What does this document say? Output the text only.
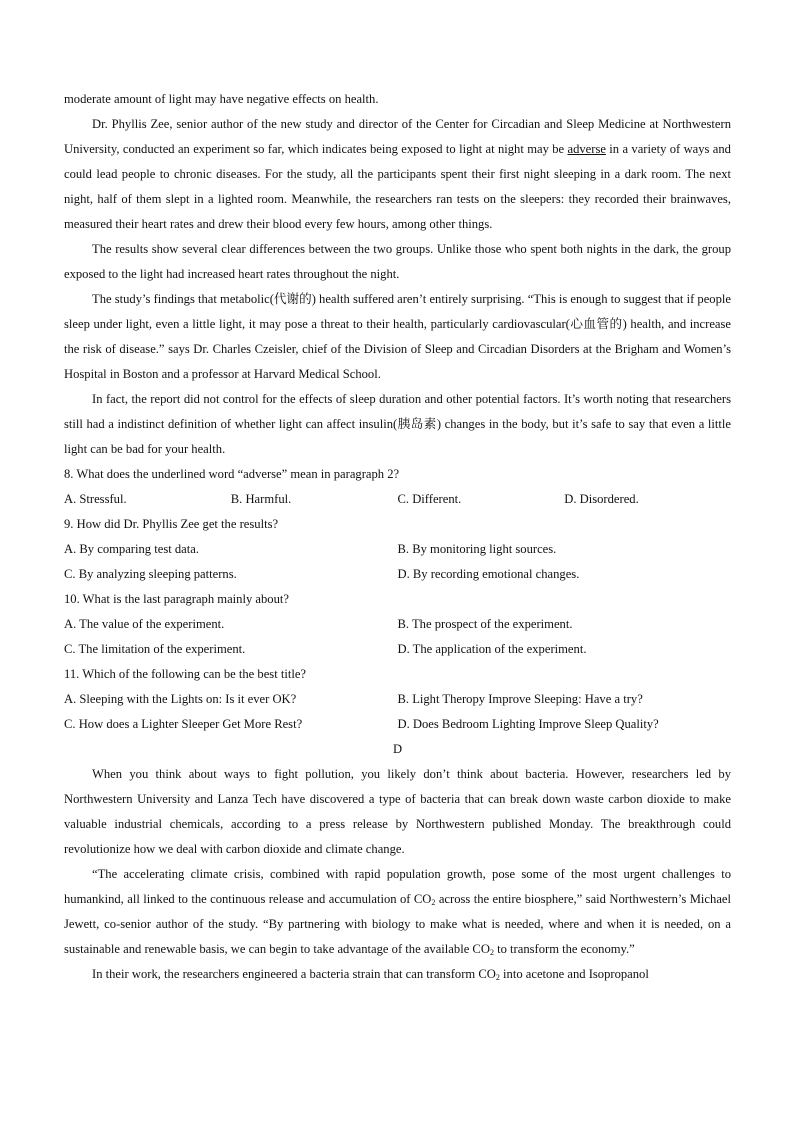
moderate amount of light may have negative effects on health.

Dr. Phyllis Zee, senior author of the new study and director of the Center for Circadian and Sleep Medicine at Northwestern University, conducted an experiment so far, which indicates being exposed to light at night may be adverse in a variety of ways and could lead people to chronic diseases. For the study, all the participants spent their first night sleeping in a dark room. The next night, half of them slept in a lighted room. Meanwhile, the researchers ran tests on the sleepers: they recorded their brainwaves, measured their heart rates and drew their blood every few hours, among other things.

The results show several clear differences between the two groups. Unlike those who spent both nights in the dark, the group exposed to the light had increased heart rates throughout the night.

The study’s findings that metabolic(代谢的) health suffered aren’t entirely surprising. “This is enough to suggest that if people sleep under light, even a little light, it may pose a threat to their health, particularly cardiovascular(心血管的) health, and increase the risk of disease.” says Dr. Charles Czeisler, chief of the Division of Sleep and Circadian Disorders at the Brigham and Women’s Hospital in Boston and a professor at Harvard Medical School.

In fact, the report did not control for the effects of sleep duration and other potential factors. It’s worth noting that researchers still had a indistinct definition of whether light can affect insulin(胰岛素) changes in the body, but it’s safe to say that even a little light can be bad for your health.

8. What does the underlined word “adverse” mean in paragraph 2?

A. Stressful.	B. Harmful.	C. Different.	D. Disordered.

9. How did Dr. Phyllis Zee get the results?

A. By comparing test data.	B. By monitoring light sources.
C. By analyzing sleeping patterns.	D. By recording emotional changes.

10. What is the last paragraph mainly about?

A. The value of the experiment.	B. The prospect of the experiment.
C. The limitation of the experiment.	D. The application of the experiment.

11. Which of the following can be the best title?

A. Sleeping with the Lights on: Is it ever OK?	B. Light Theropy Improve Sleeping: Have a try?
C. How does a Lighter Sleeper Get More Rest?	D. Does Bedroom Lighting Improve Sleep Quality?

D

When you think about ways to fight pollution, you likely don’t think about bacteria. However, researchers led by Northwestern University and Lanza Tech have discovered a type of bacteria that can break down waste carbon dioxide to make valuable industrial chemicals, according to a press release by Northwestern published Monday. The breakthrough could revolutionize how we deal with carbon dioxide and climate change.

“The accelerating climate crisis, combined with rapid population growth, pose some of the most urgent challenges to humankind, all linked to the continuous release and accumulation of $CO_2$ across the entire biosphere,” said Northwestern’s Michael Jewett, co-senior author of the study. “By partnering with biology to make what is needed, where and when it is needed, on a sustainable and renewable basis, we can begin to take advantage of the available $CO_2$ to transform the economy.”

In their work, the researchers engineered a bacteria strain that can transform $CO_2$ into acetone and Isopropanol
